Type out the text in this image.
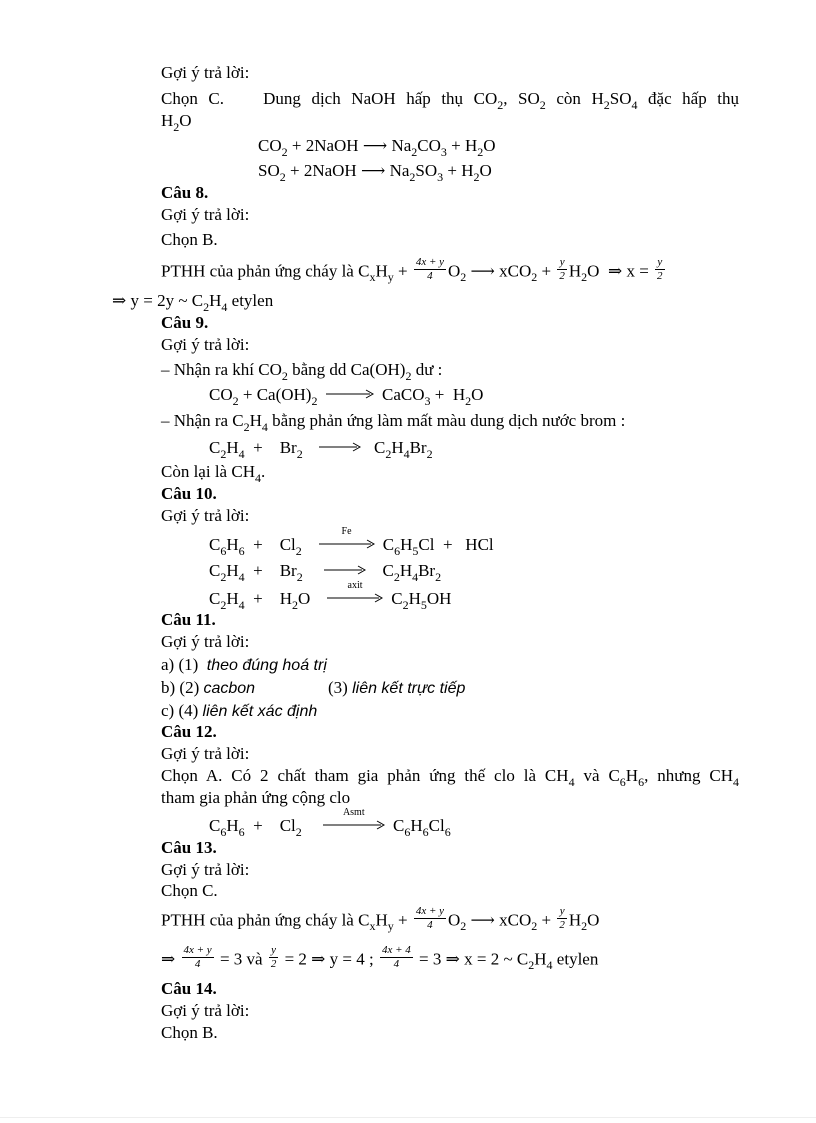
Gợi ý trả lời:
Chọn C. Dung dịch NaOH hấp thụ $CO_2$, $SO_2$ còn $H_2SO_4$ đặc hấp thụ
$H_2O$
$CO_2$ + 2NaOH ⟶ $Na_2CO_3 + H_2O$
$SO_2$ + 2NaOH ⟶ $Na_2SO_3 + H_2O$
Câu 8.
Gợi ý trả lời:
Chọn B.
PTHH của phản ứng cháy là $C_xH_y + \frac{4x + y}{4} O_2$ ⟶ $xCO_2 + \frac{y}{2} H_2O$  ⇒ $x = \frac{y}{2}$
⇒ y = 2y ~ $C_2H_4$ etylen
Câu 9.
Gợi ý trả lời:
– Nhận ra khí $CO_2$ bằng dd $Ca(OH)_2$ dư :
$CO_2 + Ca(OH)_2$	CaCO$_3$ +  $H_2O$
– Nhận ra $C_2H_4$ bằng phản ứng làm mất màu dung dịch nước brom :
$C_2H_4$  +    $Br_2$	$C_2H_4Br_2$
Còn lại là $CH_4$.
Câu 10.
Gợi ý trả lời:
$C_6H_6$  +    $Cl_2$
Fe
$C_6H_5Cl$  +   HCl
$C_2H_4$  +    $Br_2$	$C_2H_4Br_2$
$C_2H_4$  +    $H_2O$
axit
$C_2H_5OH$
Câu 11.
Gợi ý trả lời:
a) (1) theo đúng hoá trị
b) (2) cacbon	(3) liên kết trực tiếp
c) (4) liên kết xác định
Câu 12.
Gợi ý trả lời:
Chọn A. Có 2 chất tham gia phản ứng thế clo là $CH_4$ và $C_6H_6$, nhưng $CH_4$
tham gia phản ứng cộng clo
$C_6H_6$  +    $Cl_2$
Asmt
$C_6H_6Cl_6$
Câu 13.
Gợi ý trả lời:
Chọn C.
PTHH của phản ứng cháy là $C_xH_y + \frac{4x + y}{4} O_2$ ⟶ $xCO_2 + \frac{y}{2} H_2O$
⇒ $\frac{4x + y}{4} = 3$ và $\frac{y}{2} = 2$ ⇒ y = 4 ; $\frac{4x + 4}{4} = 3$ ⇒ x = 2 ~ $C_2H_4$ etylen
Câu 14.
Gợi ý trả lời:
Chọn B.
